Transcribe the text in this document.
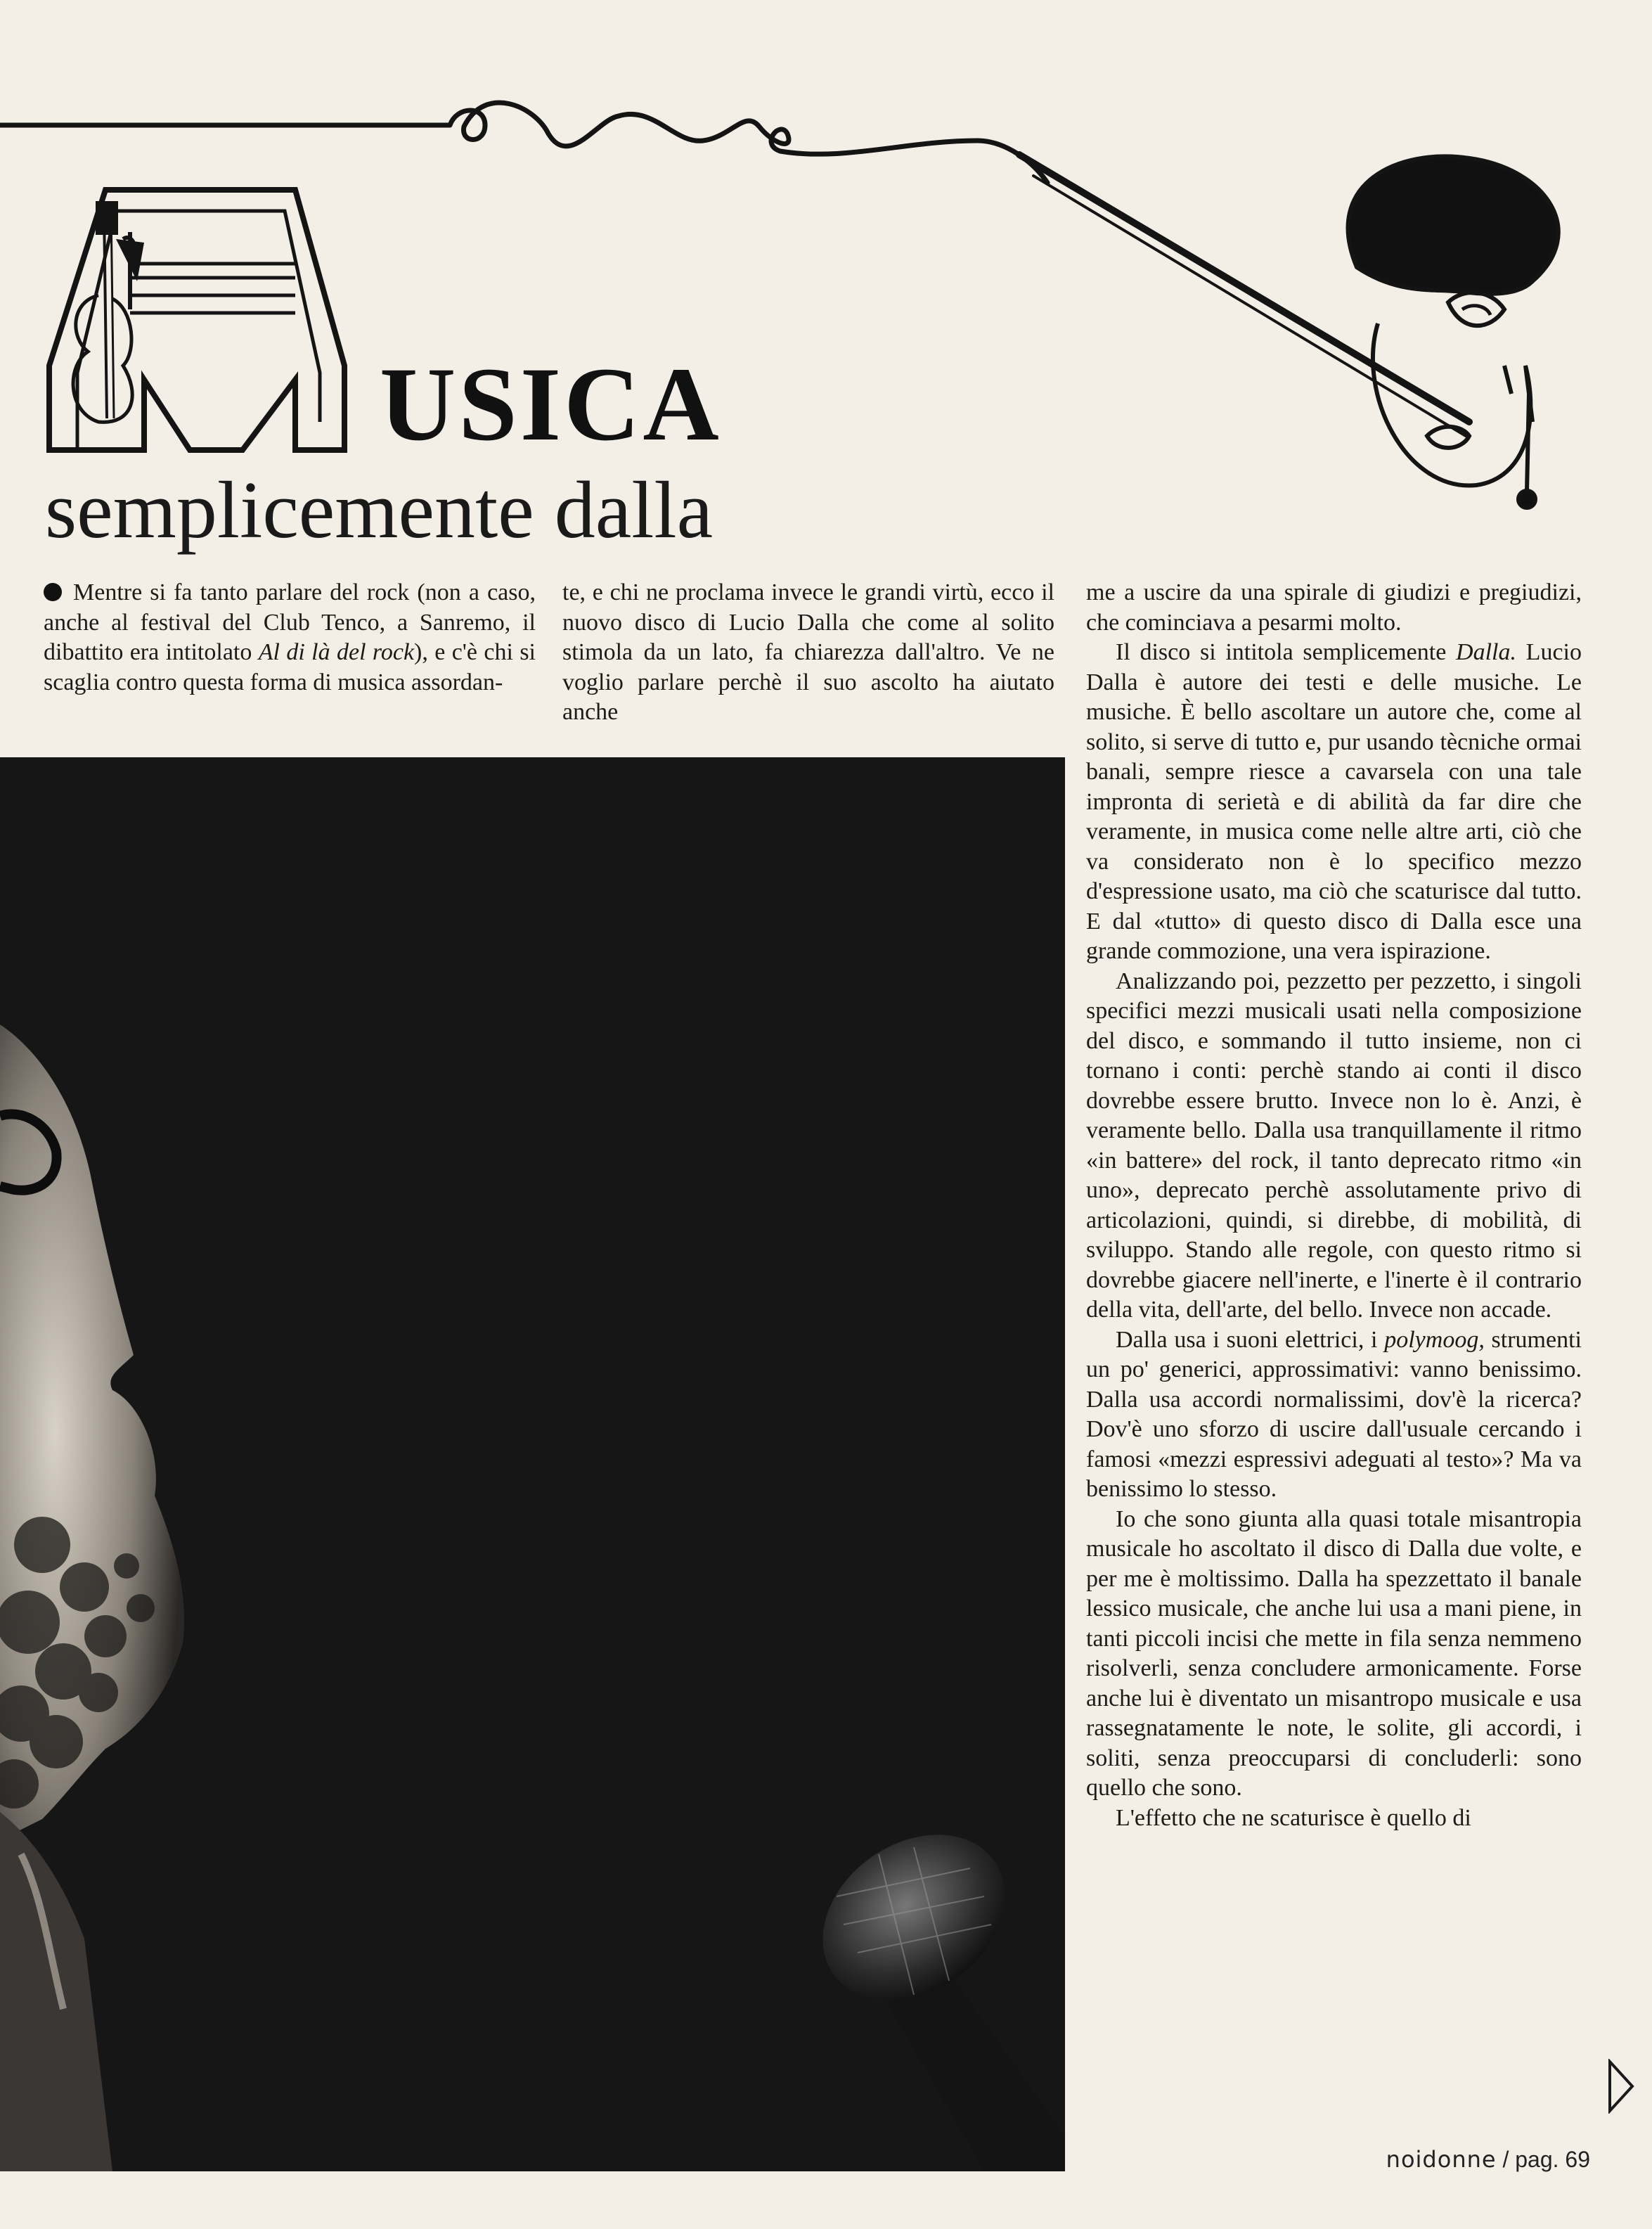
USICA
semplicemente dalla

Mentre si fa tanto parlare del rock (non a caso, anche al festival del Club Tenco, a Sanremo, il dibattito era intitolato Al di là del rock), e c'è chi si scaglia contro questa forma di musica assordan-

te, e chi ne proclama invece le grandi virtù, ecco il nuovo disco di Lucio Dalla che come al solito stimola da un lato, fa chiarezza dall'altro. Ve ne voglio parlare perchè il suo ascolto ha aiutato anche

me a uscire da una spirale di giudizi e pregiudizi, che cominciava a pesarmi molto.

Il disco si intitola semplicemente Dalla. Lucio Dalla è autore dei testi e delle musiche. Le musiche. È bello ascoltare un autore che, come al solito, si serve di tutto e, pur usando tècniche ormai banali, sempre riesce a cavarsela con una tale impronta di serietà e di abilità da far dire che veramente, in musica come nelle altre arti, ciò che va considerato non è lo specifico mezzo d'espressione usato, ma ciò che scaturisce dal tutto. E dal «tutto» di questo disco di Dalla esce una grande commozione, una vera ispirazione.

Analizzando poi, pezzetto per pezzetto, i singoli specifici mezzi musicali usati nella composizione del disco, e sommando il tutto insieme, non ci tornano i conti: perchè stando ai conti il disco dovrebbe essere brutto. Invece non lo è. Anzi, è veramente bello. Dalla usa tranquillamente il ritmo «in battere» del rock, il tanto deprecato ritmo «in uno», deprecato perchè assolutamente privo di articolazioni, quindi, si direbbe, di mobilità, di sviluppo. Stando alle regole, con questo ritmo si dovrebbe giacere nell'inerte, e l'inerte è il contrario della vita, dell'arte, del bello. Invece non accade.

Dalla usa i suoni elettrici, i polymoog, strumenti un po' generici, approssimativi: vanno benissimo. Dalla usa accordi normalissimi, dov'è la ricerca? Dov'è uno sforzo di uscire dall'usuale cercando i famosi «mezzi espressivi adeguati al testo»? Ma va benissimo lo stesso.

Io che sono giunta alla quasi totale misantropia musicale ho ascoltato il disco di Dalla due volte, e per me è moltissimo. Dalla ha spezzettato il banale lessico musicale, che anche lui usa a mani piene, in tanti piccoli incisi che mette in fila senza nemmeno risolverli, senza concludere armonicamente. Forse anche lui è diventato un misantropo musicale e usa rassegnatamente le note, le solite, gli accordi, i soliti, senza preoccuparsi di concluderli: sono quello che sono.

L'effetto che ne scaturisce è quello di

noidonne / pag. 69
